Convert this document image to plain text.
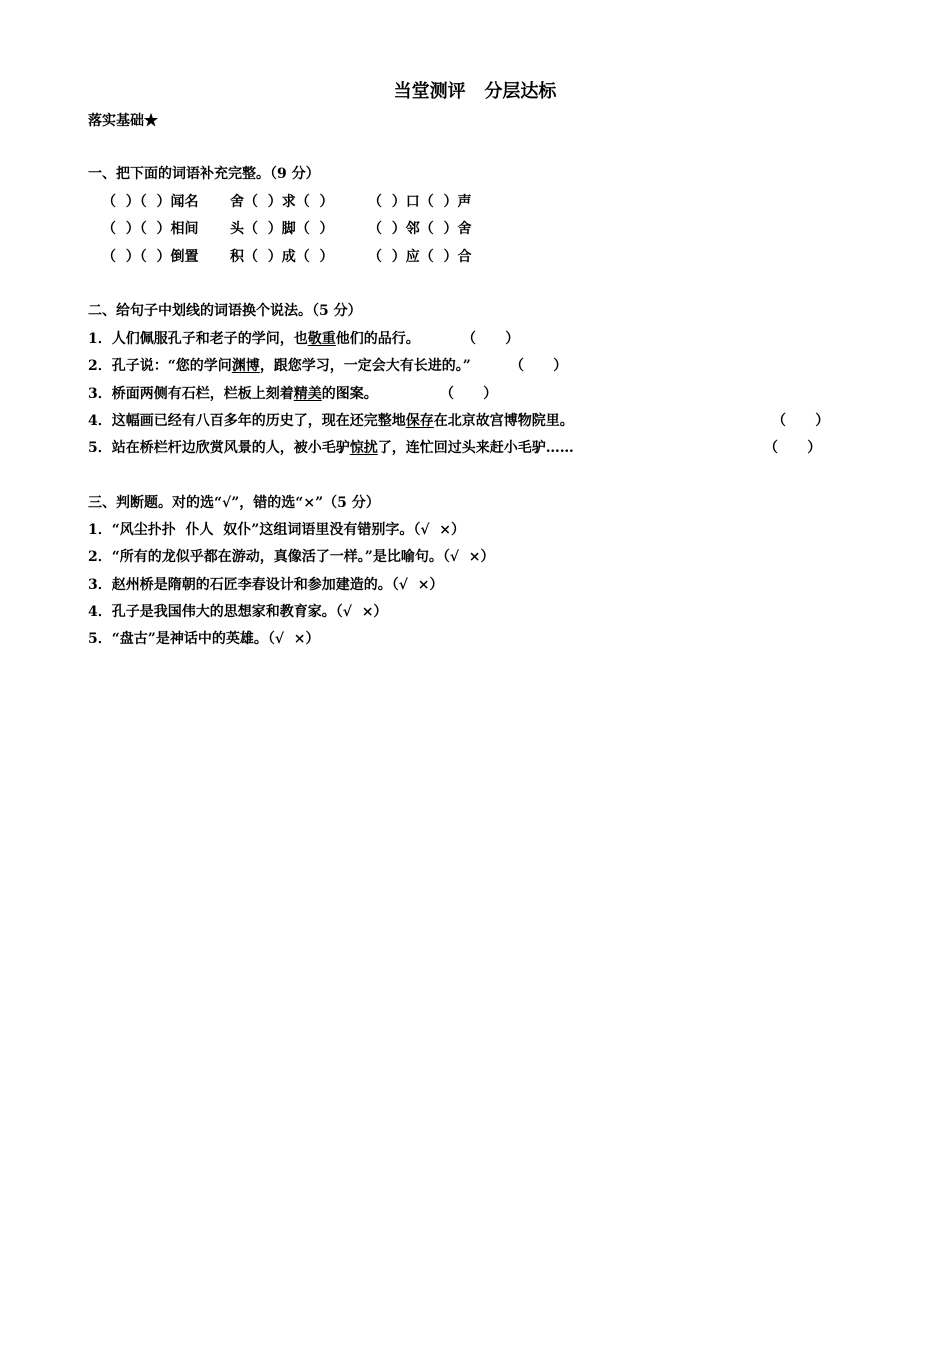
当堂测评   分层达标
落实基础★
一、把下面的词语补充完整。（9 分）
（  ）（  ）闻名 舍（  ）求（  ） （  ）口（  ）声
（  ）（  ）相间 头（  ）脚（  ） （  ）邻（  ）舍
（  ）（  ）倒置 积（  ）成（  ） （  ）应（  ）合
二、给句子中划线的词语换个说法。（5 分）
1．人们佩服孔子和老子的学问，也敬重他们的品行。	（      ）
2．孔子说：“您的学问渊博，跟您学习，一定会大有长进的。”	（      ）
3．桥面两侧有石栏，栏板上刻着精美的图案。	（      ）
4．这幅画已经有八百多年的历史了，现在还完整地保存在北京故宫博物院里。	（      ）
5．站在桥栏杆边欣赏风景的人，被小毛驴惊扰了，连忙回过头来赶小毛驴……	（      ）
三、判断题。对的选“√”，错的选“×”（5 分）
1．“风尘扑扑  仆人  奴仆”这组词语里没有错别字。（√  ×）
2．“所有的龙似乎都在游动，真像活了一样。”是比喻句。（√  ×）
3．赵州桥是隋朝的石匠李春设计和参加建造的。（√  ×）
4．孔子是我国伟大的思想家和教育家。（√  ×）
5．“盘古”是神话中的英雄。（√  ×）
